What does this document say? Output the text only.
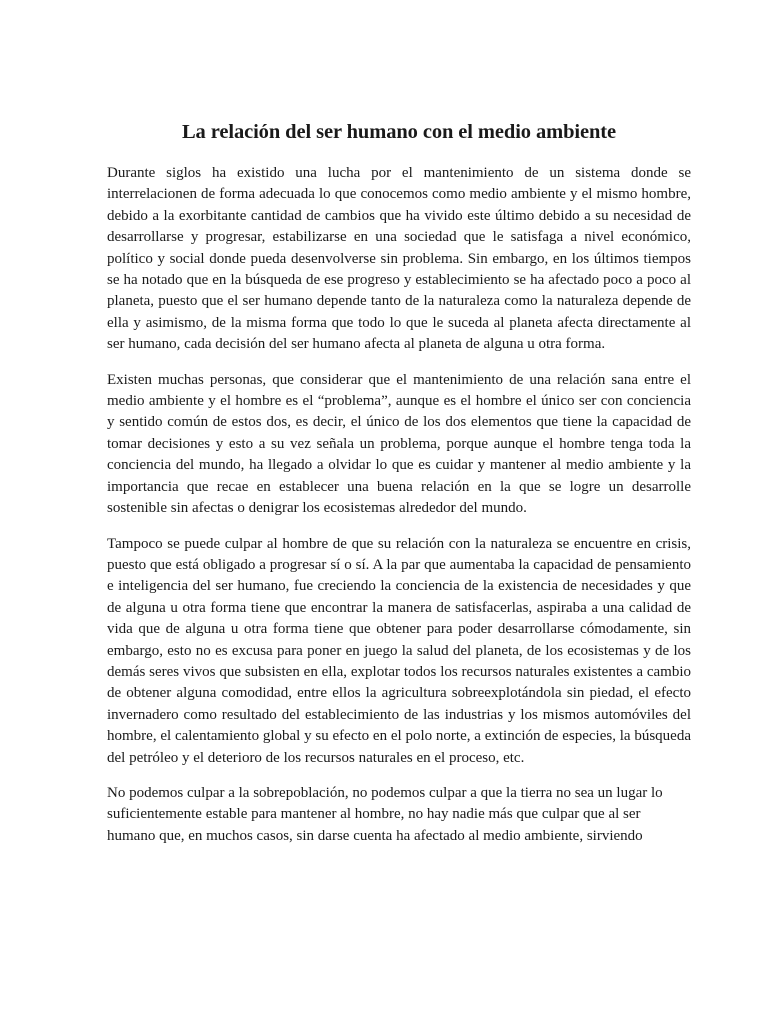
La relación del ser humano con el medio ambiente

Durante siglos ha existido una lucha por el mantenimiento de un sistema donde se interrelacionen de forma adecuada lo que conocemos como medio ambiente y el mismo hombre, debido a la exorbitante cantidad de cambios que ha vivido este último debido a su necesidad de desarrollarse y progresar, estabilizarse en una sociedad que le satisfaga a nivel económico, político y social donde pueda desenvolverse sin problema. Sin embargo, en los últimos tiempos se ha notado que en la búsqueda de ese progreso y establecimiento se ha afectado poco a poco al planeta, puesto que el ser humano depende tanto de la naturaleza como la naturaleza depende de ella y asimismo, de la misma forma que todo lo que le suceda al planeta afecta directamente al ser humano, cada decisión del ser humano afecta al planeta de alguna u otra forma.

Existen muchas personas, que considerar que el mantenimiento de una relación sana entre el medio ambiente y el hombre es el “problema”, aunque es el hombre el único ser con conciencia y sentido común de estos dos, es decir, el único de los dos elementos que tiene la capacidad de tomar decisiones y esto a su vez señala un problema, porque aunque el hombre tenga toda la conciencia del mundo, ha llegado a olvidar lo que es cuidar y mantener al medio ambiente y la importancia que recae en establecer una buena relación en la que se logre un desarrolle sostenible sin afectas o denigrar los ecosistemas alrededor del mundo.

Tampoco se puede culpar al hombre de que su relación con la naturaleza se encuentre en crisis, puesto que está obligado a progresar sí o sí. A la par que aumentaba la capacidad de pensamiento e inteligencia del ser humano, fue creciendo la conciencia de la existencia de necesidades y que de alguna u otra forma tiene que encontrar la manera de satisfacerlas, aspiraba a una calidad de vida que de alguna u otra forma tiene que obtener para poder desarrollarse cómodamente, sin embargo, esto no es excusa para poner en juego la salud del planeta, de los ecosistemas y de los demás seres vivos que subsisten en ella, explotar todos los recursos naturales existentes a cambio de obtener alguna comodidad, entre ellos la agricultura sobreexplotándola sin piedad, el efecto invernadero como resultado del establecimiento de las industrias y los mismos automóviles del hombre, el calentamiento global y su efecto en el polo norte, a extinción de especies, la búsqueda del petróleo y el deterioro de los recursos naturales en el proceso, etc.

No podemos culpar a la sobrepoblación, no podemos culpar a que la tierra no sea un lugar lo suficientemente estable para mantener al hombre, no hay nadie más que culpar que al ser humano que, en muchos casos, sin darse cuenta ha afectado al medio ambiente, sirviendo
